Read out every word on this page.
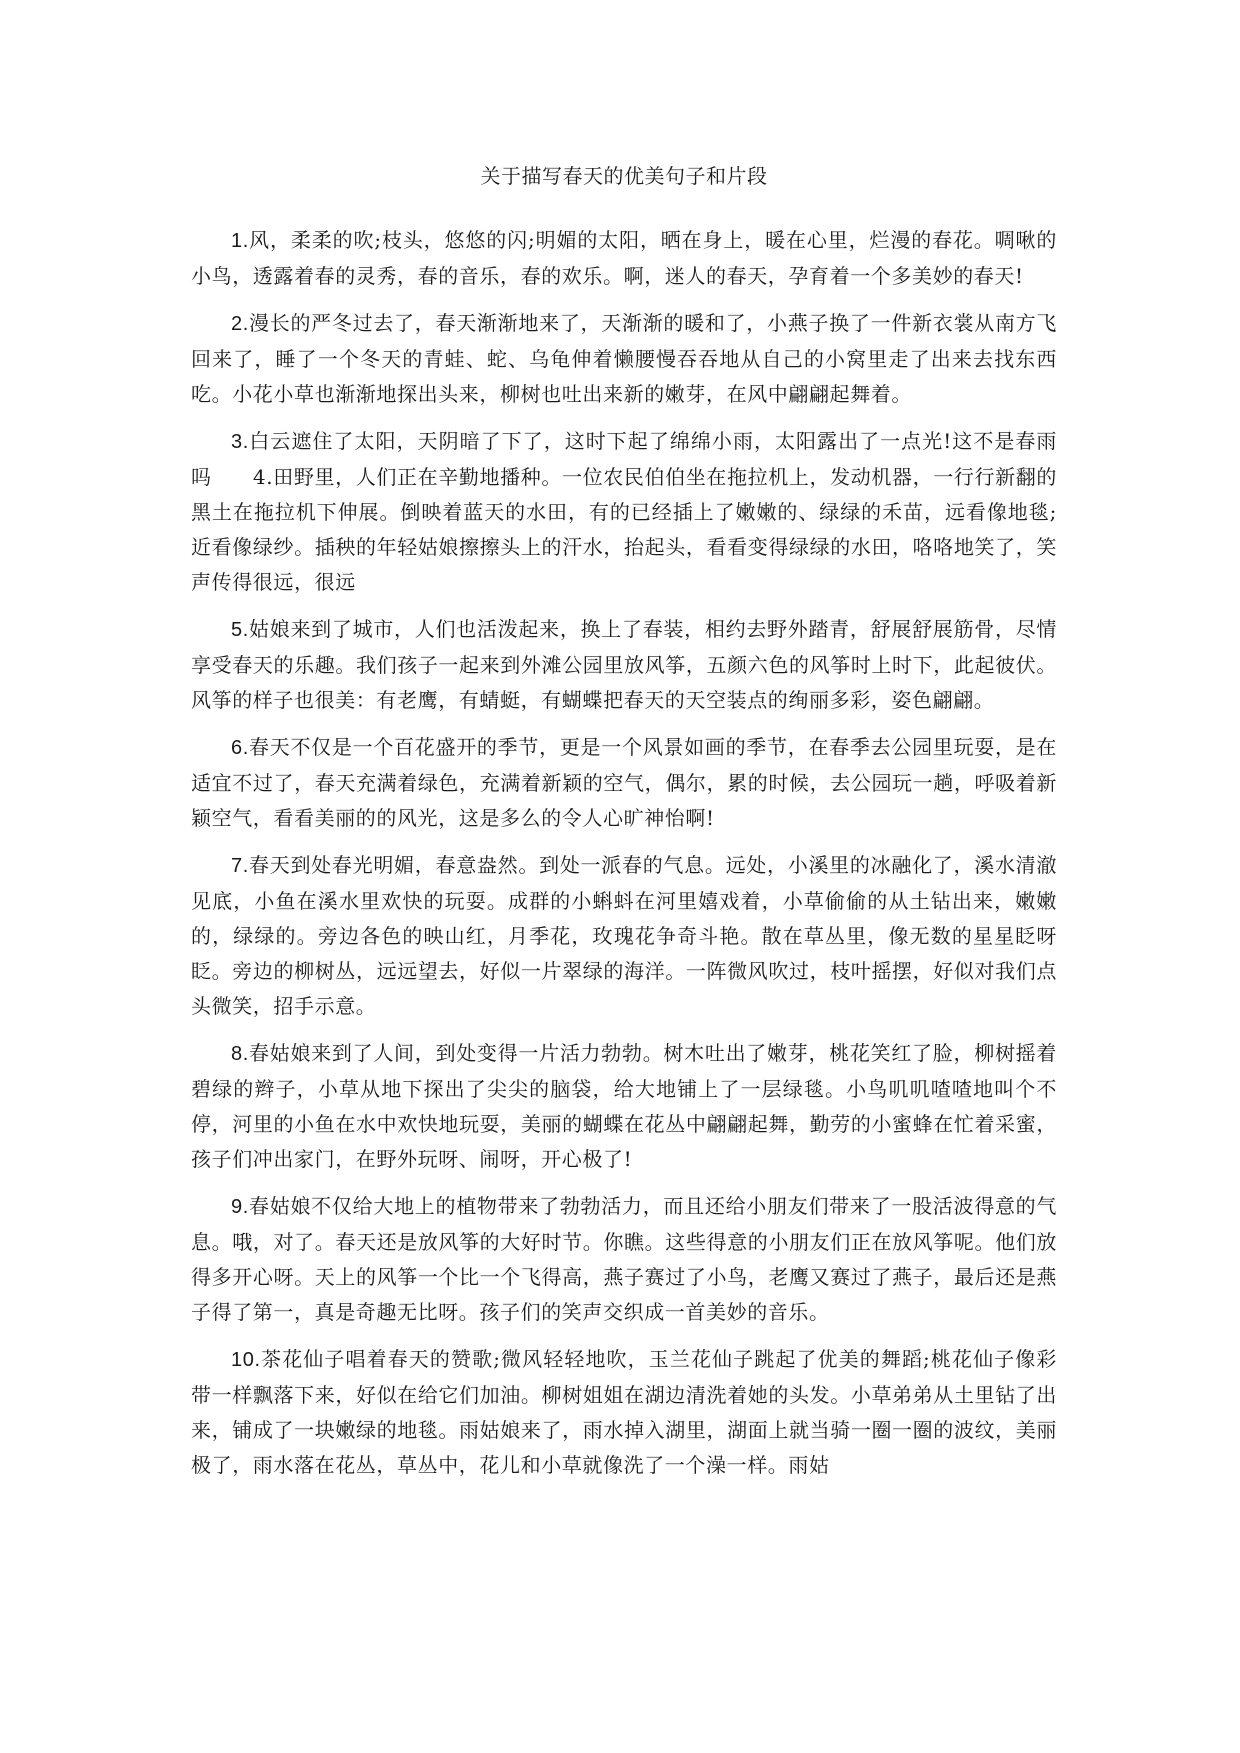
关于描写春天的优美句子和片段

1.风，柔柔的吹;枝头，悠悠的闪;明媚的太阳，晒在身上，暖在心里，烂漫的春花。啁啾的小鸟，透露着春的灵秀，春的音乐，春的欢乐。啊，迷人的春天，孕育着一个多美妙的春天!

2.漫长的严冬过去了，春天渐渐地来了，天渐渐的暖和了，小燕子换了一件新衣裳从南方飞回来了，睡了一个冬天的青蛙、蛇、乌龟伸着懒腰慢吞吞地从自己的小窝里走了出来去找东西吃。小花小草也渐渐地探出头来，柳树也吐出来新的嫩芽，在风中翩翩起舞着。

3.白云遮住了太阳，天阴暗了下了，这时下起了绵绵小雨，太阳露出了一点光!这不是春雨吗　　4.田野里，人们正在辛勤地播种。一位农民伯伯坐在拖拉机上，发动机器，一行行新翻的黑土在拖拉机下伸展。倒映着蓝天的水田，有的已经插上了嫩嫩的、绿绿的禾苗，远看像地毯;近看像绿纱。插秧的年轻姑娘擦擦头上的汗水，抬起头，看看变得绿绿的水田，咯咯地笑了，笑声传得很远，很远

5.姑娘来到了城市，人们也活泼起来，换上了春装，相约去野外踏青，舒展舒展筋骨，尽情享受春天的乐趣。我们孩子一起来到外滩公园里放风筝，五颜六色的风筝时上时下，此起彼伏。风筝的样子也很美：有老鹰，有蜻蜓，有蝴蝶把春天的天空装点的绚丽多彩，姿色翩翩。

6.春天不仅是一个百花盛开的季节，更是一个风景如画的季节，在春季去公园里玩耍，是在适宜不过了，春天充满着绿色，充满着新颖的空气，偶尔，累的时候，去公园玩一趟，呼吸着新颖空气，看看美丽的的风光，这是多么的令人心旷神怡啊!

7.春天到处春光明媚，春意盎然。到处一派春的气息。远处，小溪里的冰融化了，溪水清澈见底，小鱼在溪水里欢快的玩耍。成群的小蝌蚪在河里嬉戏着，小草偷偷的从土钻出来，嫩嫩的，绿绿的。旁边各色的映山红，月季花，玫瑰花争奇斗艳。散在草丛里，像无数的星星眨呀眨。旁边的柳树丛，远远望去，好似一片翠绿的海洋。一阵微风吹过，枝叶摇摆，好似对我们点头微笑，招手示意。

8.春姑娘来到了人间，到处变得一片活力勃勃。树木吐出了嫩芽，桃花笑红了脸，柳树摇着碧绿的辫子，小草从地下探出了尖尖的脑袋，给大地铺上了一层绿毯。小鸟叽叽喳喳地叫个不停，河里的小鱼在水中欢快地玩耍，美丽的蝴蝶在花丛中翩翩起舞，勤劳的小蜜蜂在忙着采蜜，孩子们冲出家门，在野外玩呀、闹呀，开心极了!

9.春姑娘不仅给大地上的植物带来了勃勃活力，而且还给小朋友们带来了一股活波得意的气息。哦，对了。春天还是放风筝的大好时节。你瞧。这些得意的小朋友们正在放风筝呢。他们放得多开心呀。天上的风筝一个比一个飞得高，燕子赛过了小鸟，老鹰又赛过了燕子，最后还是燕子得了第一，真是奇趣无比呀。孩子们的笑声交织成一首美妙的音乐。

10.茶花仙子唱着春天的赞歌;微风轻轻地吹，玉兰花仙子跳起了优美的舞蹈;桃花仙子像彩带一样飘落下来，好似在给它们加油。柳树姐姐在湖边清洗着她的头发。小草弟弟从土里钻了出来，铺成了一块嫩绿的地毯。雨姑娘来了，雨水掉入湖里，湖面上就当骑一圈一圈的波纹，美丽极了，雨水落在花丛，草丛中，花儿和小草就像洗了一个澡一样。雨姑
